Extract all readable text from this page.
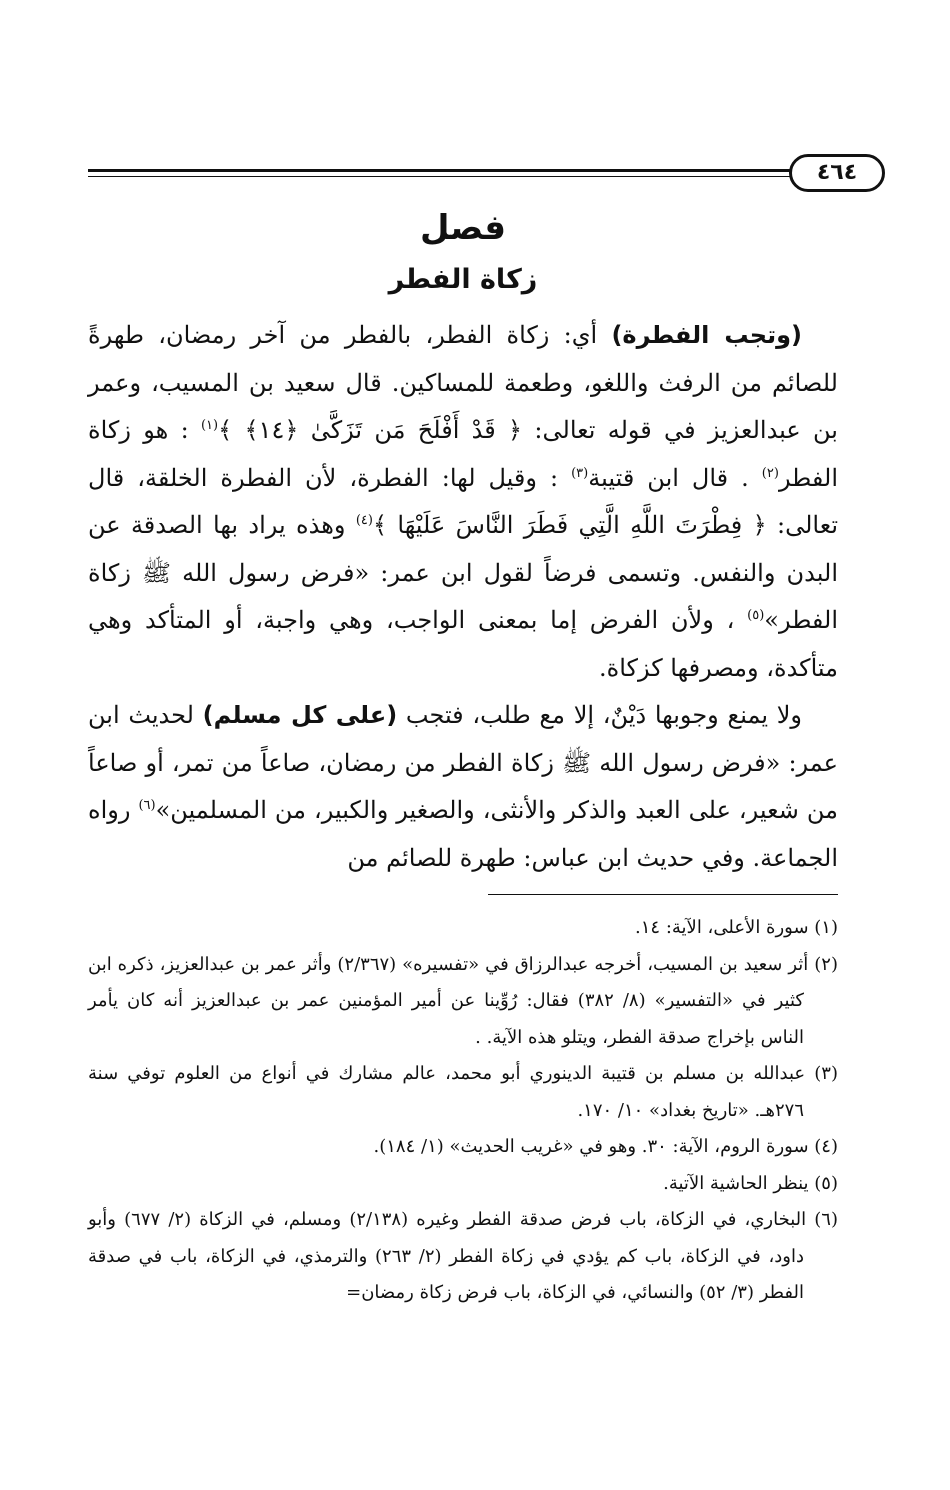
٤٦٤
فصل
زكاة الفطر

(وتجب الفطرة) أي: زكاة الفطر، بالفطر من آخر رمضان، طهرةً للصائم من الرفث واللغو، وطعمة للمساكين. قال سعيد بن المسيب، وعمر بن عبدالعزيز في قوله تعالى: ﴿ قَدْ أَفْلَحَ مَن تَزَكَّىٰ ﴿١٤﴾ ﴾$^{(١)}$ : هو زكاة الفطر$^{(٢)}$ . قال ابن قتيبة$^{(٣)}$ : وقيل لها: الفطرة، لأن الفطرة الخلقة، قال تعالى: ﴿ فِطْرَتَ اللَّهِ الَّتِي فَطَرَ النَّاسَ عَلَيْهَا ﴾$^{(٤)}$ وهذه يراد بها الصدقة عن البدن والنفس. وتسمى فرضاً لقول ابن عمر: «فرض رسول الله ﷺ زكاة الفطر»$^{(٥)}$ ، ولأن الفرض إما بمعنى الواجب، وهي واجبة، أو المتأكد وهي متأكدة، ومصرفها كزكاة.

ولا يمنع وجوبها دَيْنٌ، إلا مع طلب، فتجب (على كل مسلم) لحديث ابن عمر: «فرض رسول الله ﷺ زكاة الفطر من رمضان، صاعاً من تمر، أو صاعاً من شعير، على العبد والذكر والأنثى، والصغير والكبير، من المسلمين»$^{(٦)}$ رواه الجماعة. وفي حديث ابن عباس: طهرة للصائم من

(١) سورة الأعلى، الآية: ١٤.

(٢) أثر سعيد بن المسيب، أخرجه عبدالرزاق في «تفسيره» (٢/٣٦٧) وأثر عمر بن عبدالعزيز، ذكره ابن كثير في «التفسير» (٨/ ٣٨٢) فقال: رُوِّينا عن أمير المؤمنين عمر بن عبدالعزيز أنه كان يأمر الناس بإخراج صدقة الفطر، ويتلو هذه الآية. .

(٣) عبدالله بن مسلم بن قتيبة الدينوري أبو محمد، عالم مشارك في أنواع من العلوم توفي سنة ٢٧٦هـ. «تاريخ بغداد» ١٠/ ١٧٠.

(٤) سورة الروم، الآية: ٣٠. وهو في «غريب الحديث» (١/ ١٨٤).

(٥) ينظر الحاشية الآتية.

(٦) البخاري، في الزكاة، باب فرض صدقة الفطر وغيره (٢/١٣٨) ومسلم، في الزكاة (٢/ ٦٧٧) وأبو داود، في الزكاة، باب كم يؤدي في زكاة الفطر (٢/ ٢٦٣) والترمذي، في الزكاة، باب في صدقة الفطر (٣/ ٥٢) والنسائي، في الزكاة، باب فرض زكاة رمضان=
